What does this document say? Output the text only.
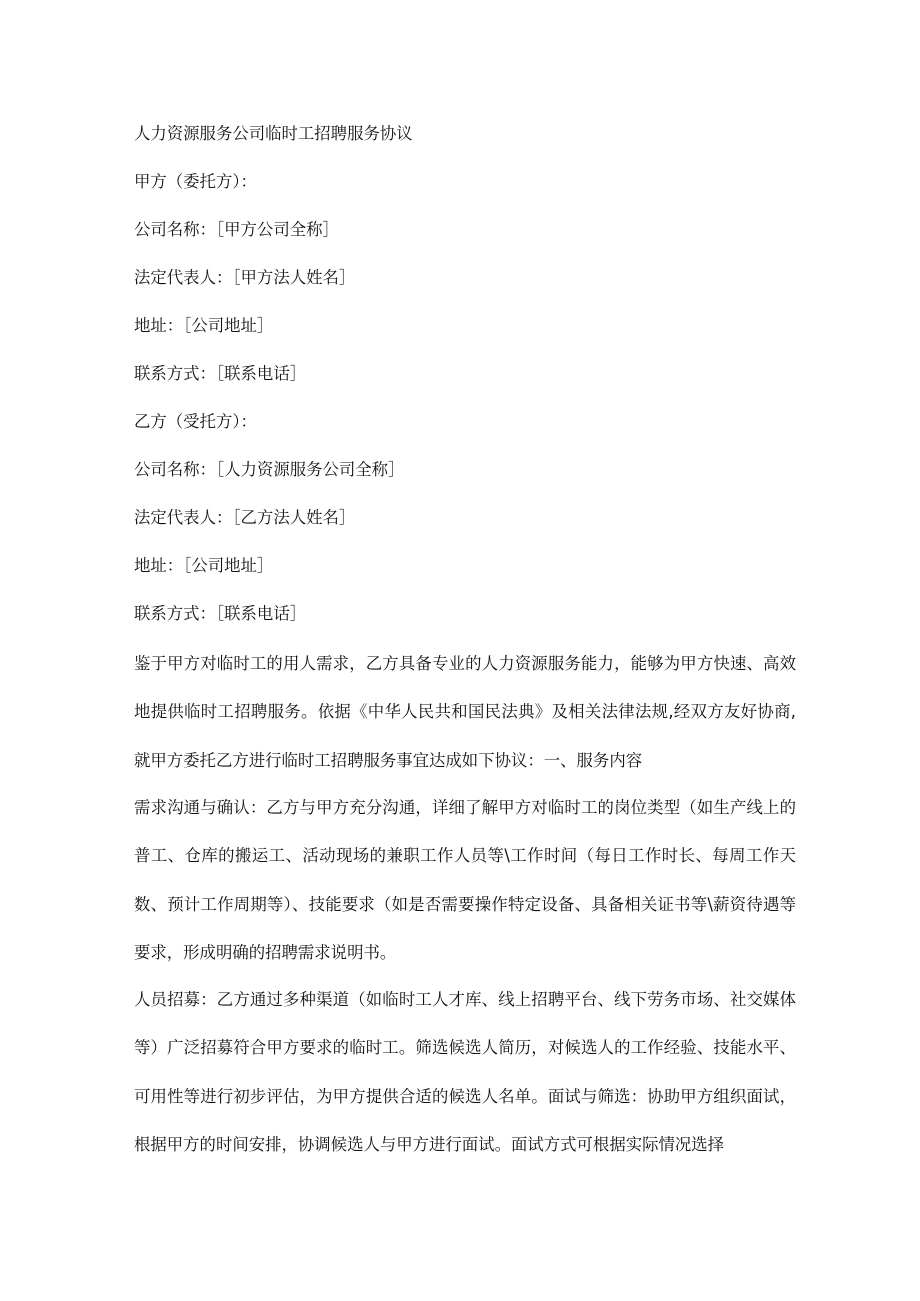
人力资源服务公司临时工招聘服务协议
甲方（委托方）：
公司名称：［甲方公司全称］
法定代表人：［甲方法人姓名］
地址：［公司地址］
联系方式：［联系电话］
乙方（受托方）：
公司名称：［人力资源服务公司全称］
法定代表人：［乙方法人姓名］
地址：［公司地址］
联系方式：［联系电话］

鉴于甲方对临时工的用人需求，乙方具备专业的人力资源服务能力，能够为甲方快速、高效地提供临时工招聘服务。依据《中华人民共和国民法典》及相关法律法规,经双方友好协商,就甲方委托乙方进行临时工招聘服务事宜达成如下协议：一、服务内容

需求沟通与确认：乙方与甲方充分沟通，详细了解甲方对临时工的岗位类型（如生产线上的普工、仓库的搬运工、活动现场的兼职工作人员等\工作时间（每日工作时长、每周工作天数、预计工作周期等）、技能要求（如是否需要操作特定设备、具备相关证书等\薪资待遇等要求，形成明确的招聘需求说明书。

人员招募：乙方通过多种渠道（如临时工人才库、线上招聘平台、线下劳务市场、社交媒体等）广泛招募符合甲方要求的临时工。筛选候选人简历，对候选人的工作经验、技能水平、可用性等进行初步评估，为甲方提供合适的候选人名单。面试与筛选：协助甲方组织面试，根据甲方的时间安排，协调候选人与甲方进行面试。面试方式可根据实际情况选择
